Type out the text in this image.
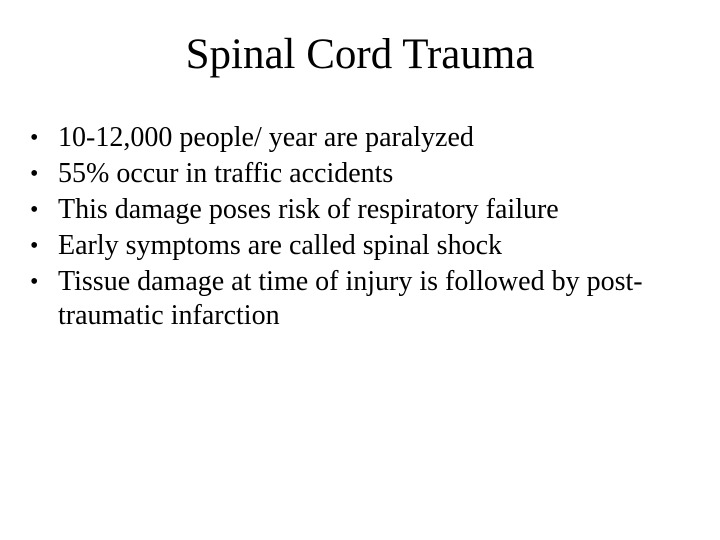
Spinal Cord Trauma
• 10-12,000 people/ year are paralyzed
• 55% occur in traffic accidents
• This damage poses risk of respiratory failure
• Early symptoms are called spinal shock
• Tissue damage at time of injury is followed by post-traumatic infarction
